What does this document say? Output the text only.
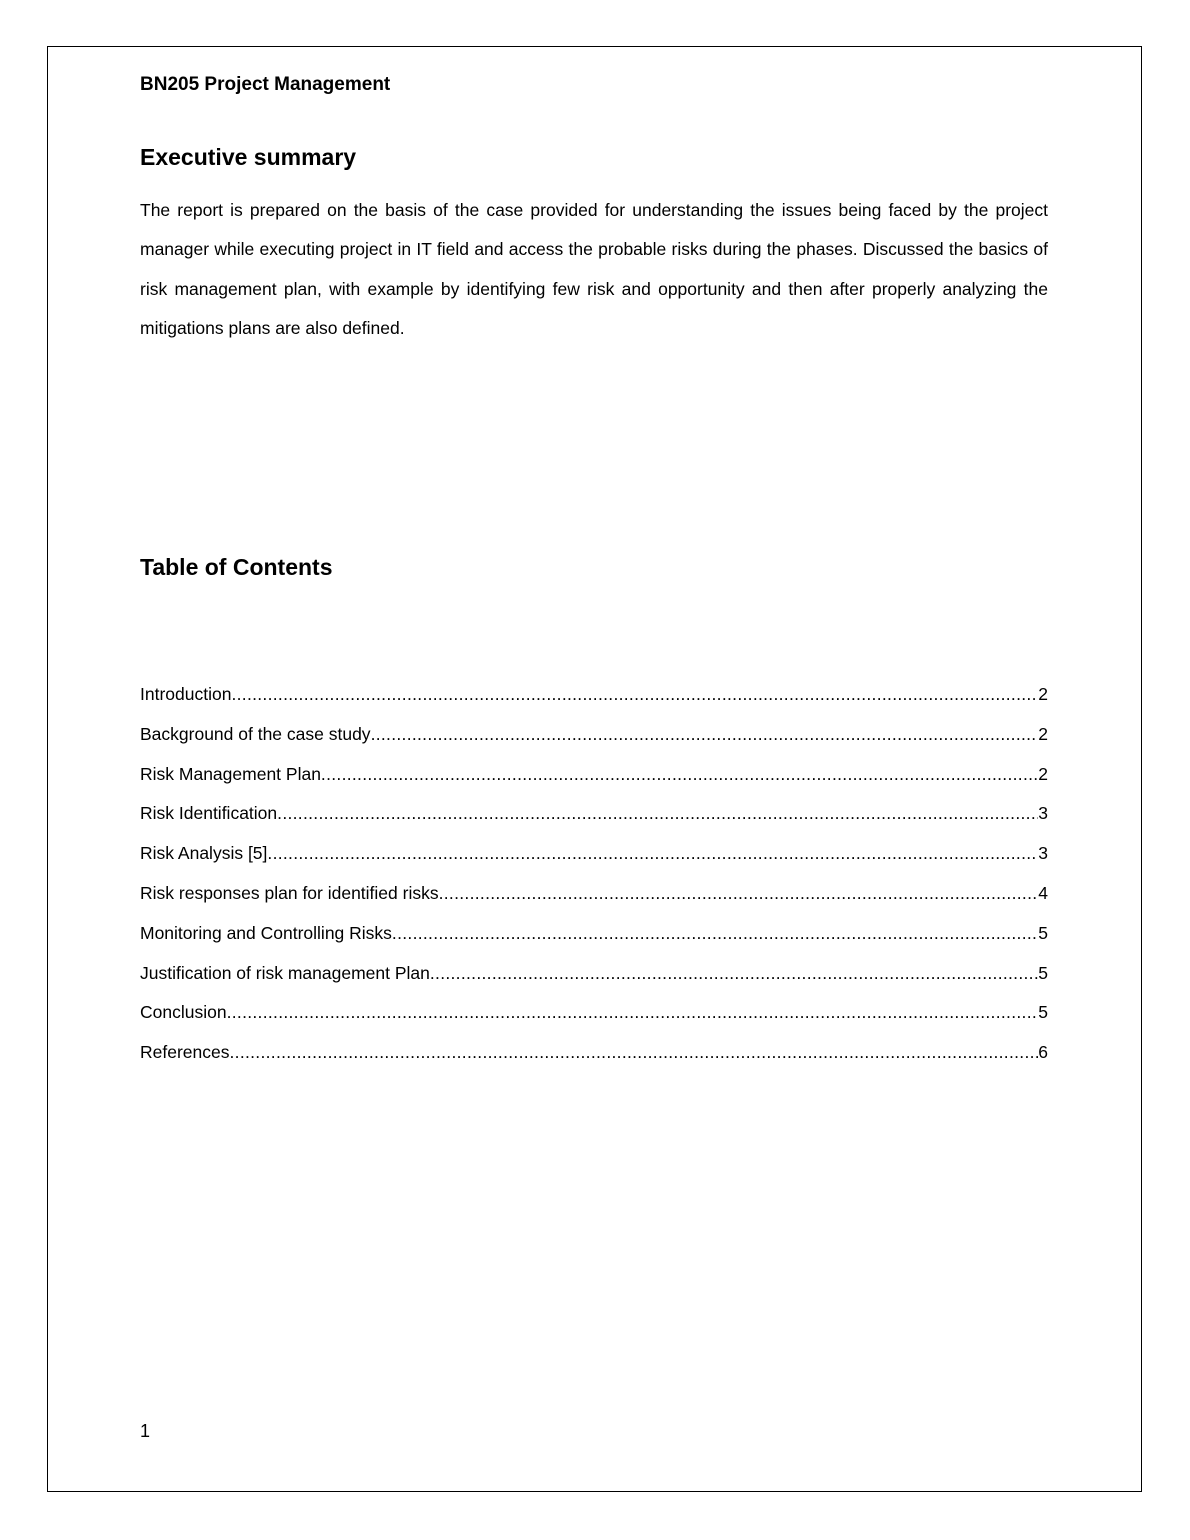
BN205 Project Management
Executive summary

The report is prepared on the basis of the case provided for understanding the issues being faced by the project manager while executing project in IT field and access the probable risks during the phases. Discussed the basics of risk management plan, with example by identifying few risk and opportunity and then after properly analyzing the mitigations plans are also defined.

Table of Contents
Introduction .....	2
Background of the case study .....	2
Risk Management Plan .....	2
Risk Identification .....	3
Risk Analysis [5] .....	3
Risk responses plan for identified risks .....	4
Monitoring and Controlling Risks .....	5
Justification of risk management Plan .....	5
Conclusion .....	5
References .....	6
1
